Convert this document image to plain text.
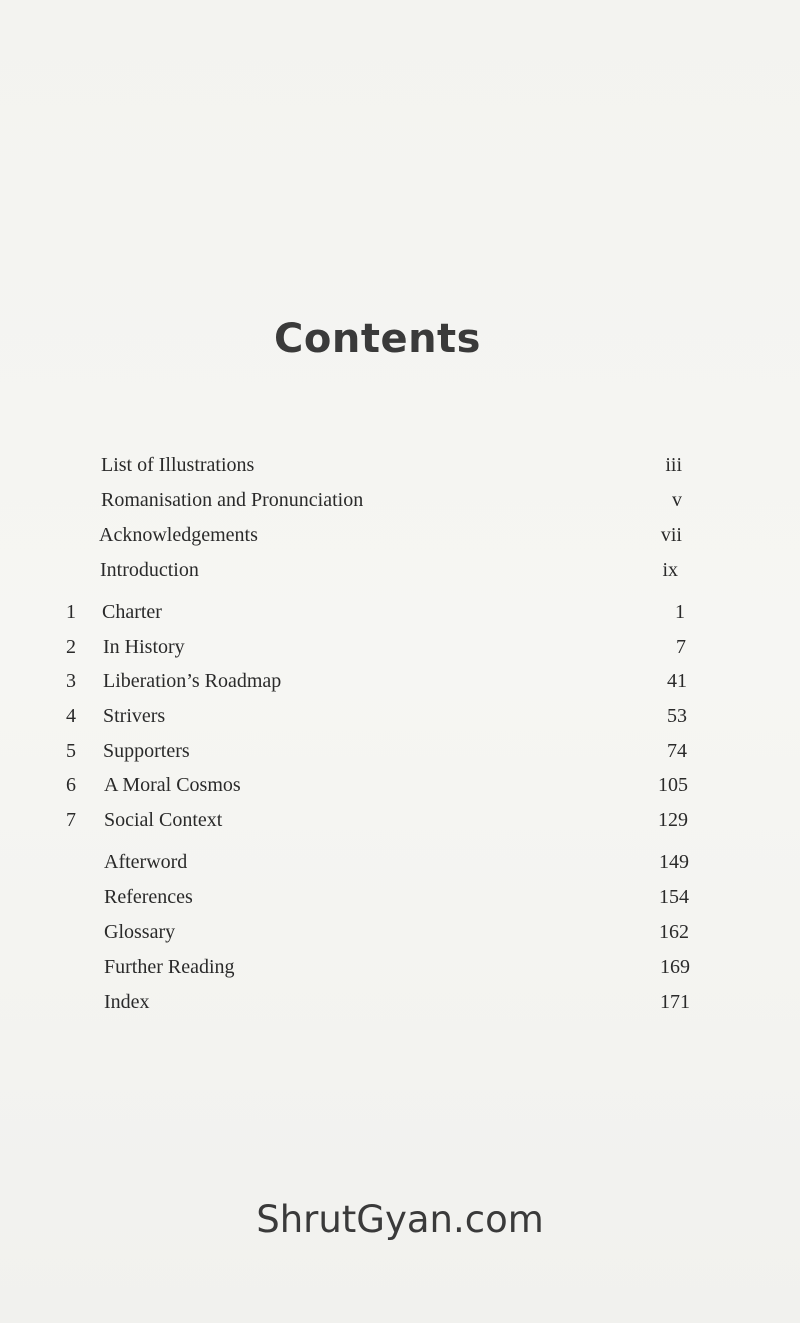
Contents
List of Illustrations	iii
Romanisation and Pronunciation	v
Acknowledgements	vii
Introduction	ix
1 Charter	1
2 In History	7
3 Liberation’s Roadmap	41
4 Strivers	53
5 Supporters	74
6 A Moral Cosmos	105
7 Social Context	129
Afterword	149
References	154
Glossary	162
Further Reading	169
Index	171
ShrutGyan.com
